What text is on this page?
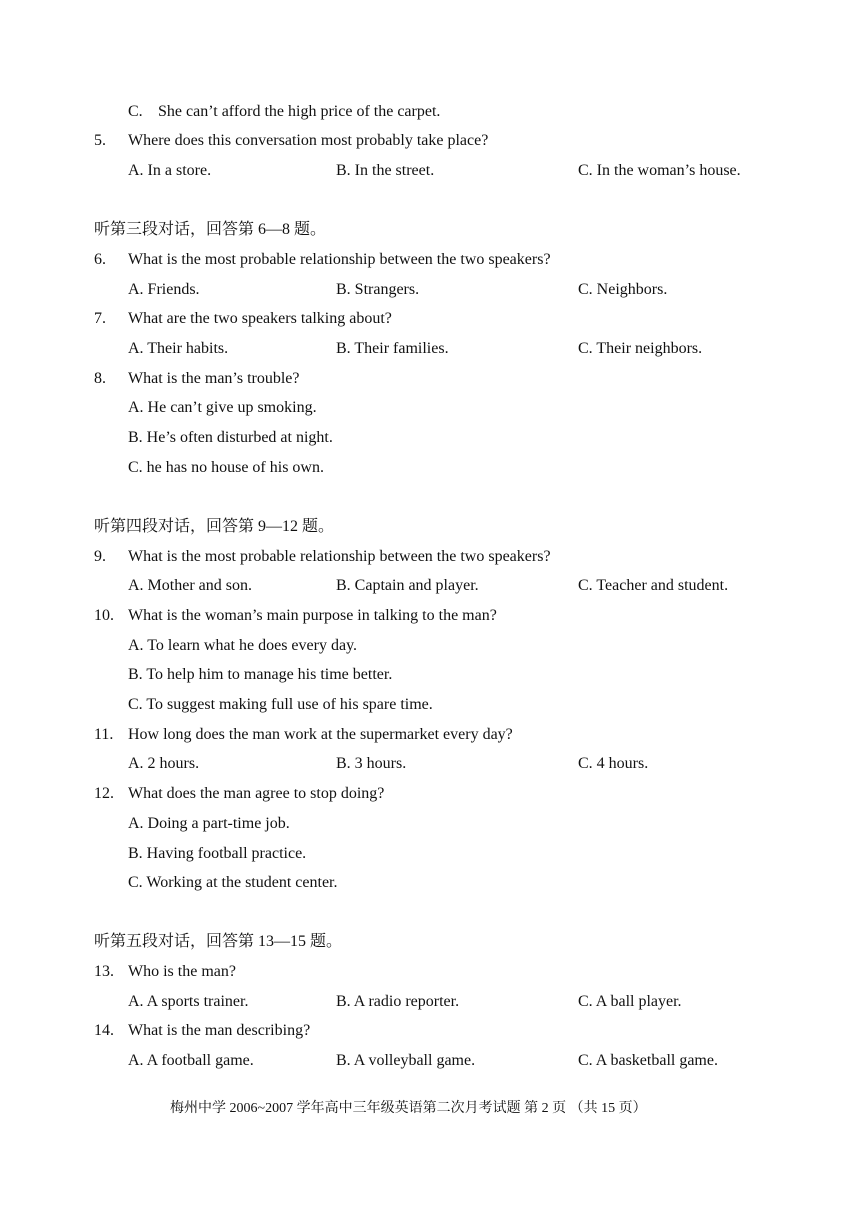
C. She can’t afford the high price of the carpet.
5. Where does this conversation most probably take place?
A. In a store.	B. In the street.	C. In the woman’s house.
听第三段对话，回答第 6—8 题。
6. What is the most probable relationship between the two speakers?
A. Friends.	B. Strangers.	C. Neighbors.
7. What are the two speakers talking about?
A. Their habits.	B. Their families.	C. Their neighbors.
8. What is the man’s trouble?
A. He can’t give up smoking.
B. He’s often disturbed at night.
C. he has no house of his own.
听第四段对话，回答第 9—12 题。
9. What is the most probable relationship between the two speakers?
A. Mother and son.	B. Captain and player.	C. Teacher and student.
10. What is the woman’s main purpose in talking to the man?
A. To learn what he does every day.
B. To help him to manage his time better.
C. To suggest making full use of his spare time.
11. How long does the man work at the supermarket every day?
A. 2 hours.	B. 3 hours.	C. 4 hours.
12. What does the man agree to stop doing?
A. Doing a part-time job.
B. Having football practice.
C. Working at the student center.
听第五段对话，回答第 13—15 题。
13. Who is the man?
A. A sports trainer.	B. A radio reporter.	C. A ball player.
14. What is the man describing?
A. A football game.	B. A volleyball game.	C. A basketball game.
梅州中学 2006~2007 学年高中三年级英语第二次月考试题 第 2 页 （共 15 页）
